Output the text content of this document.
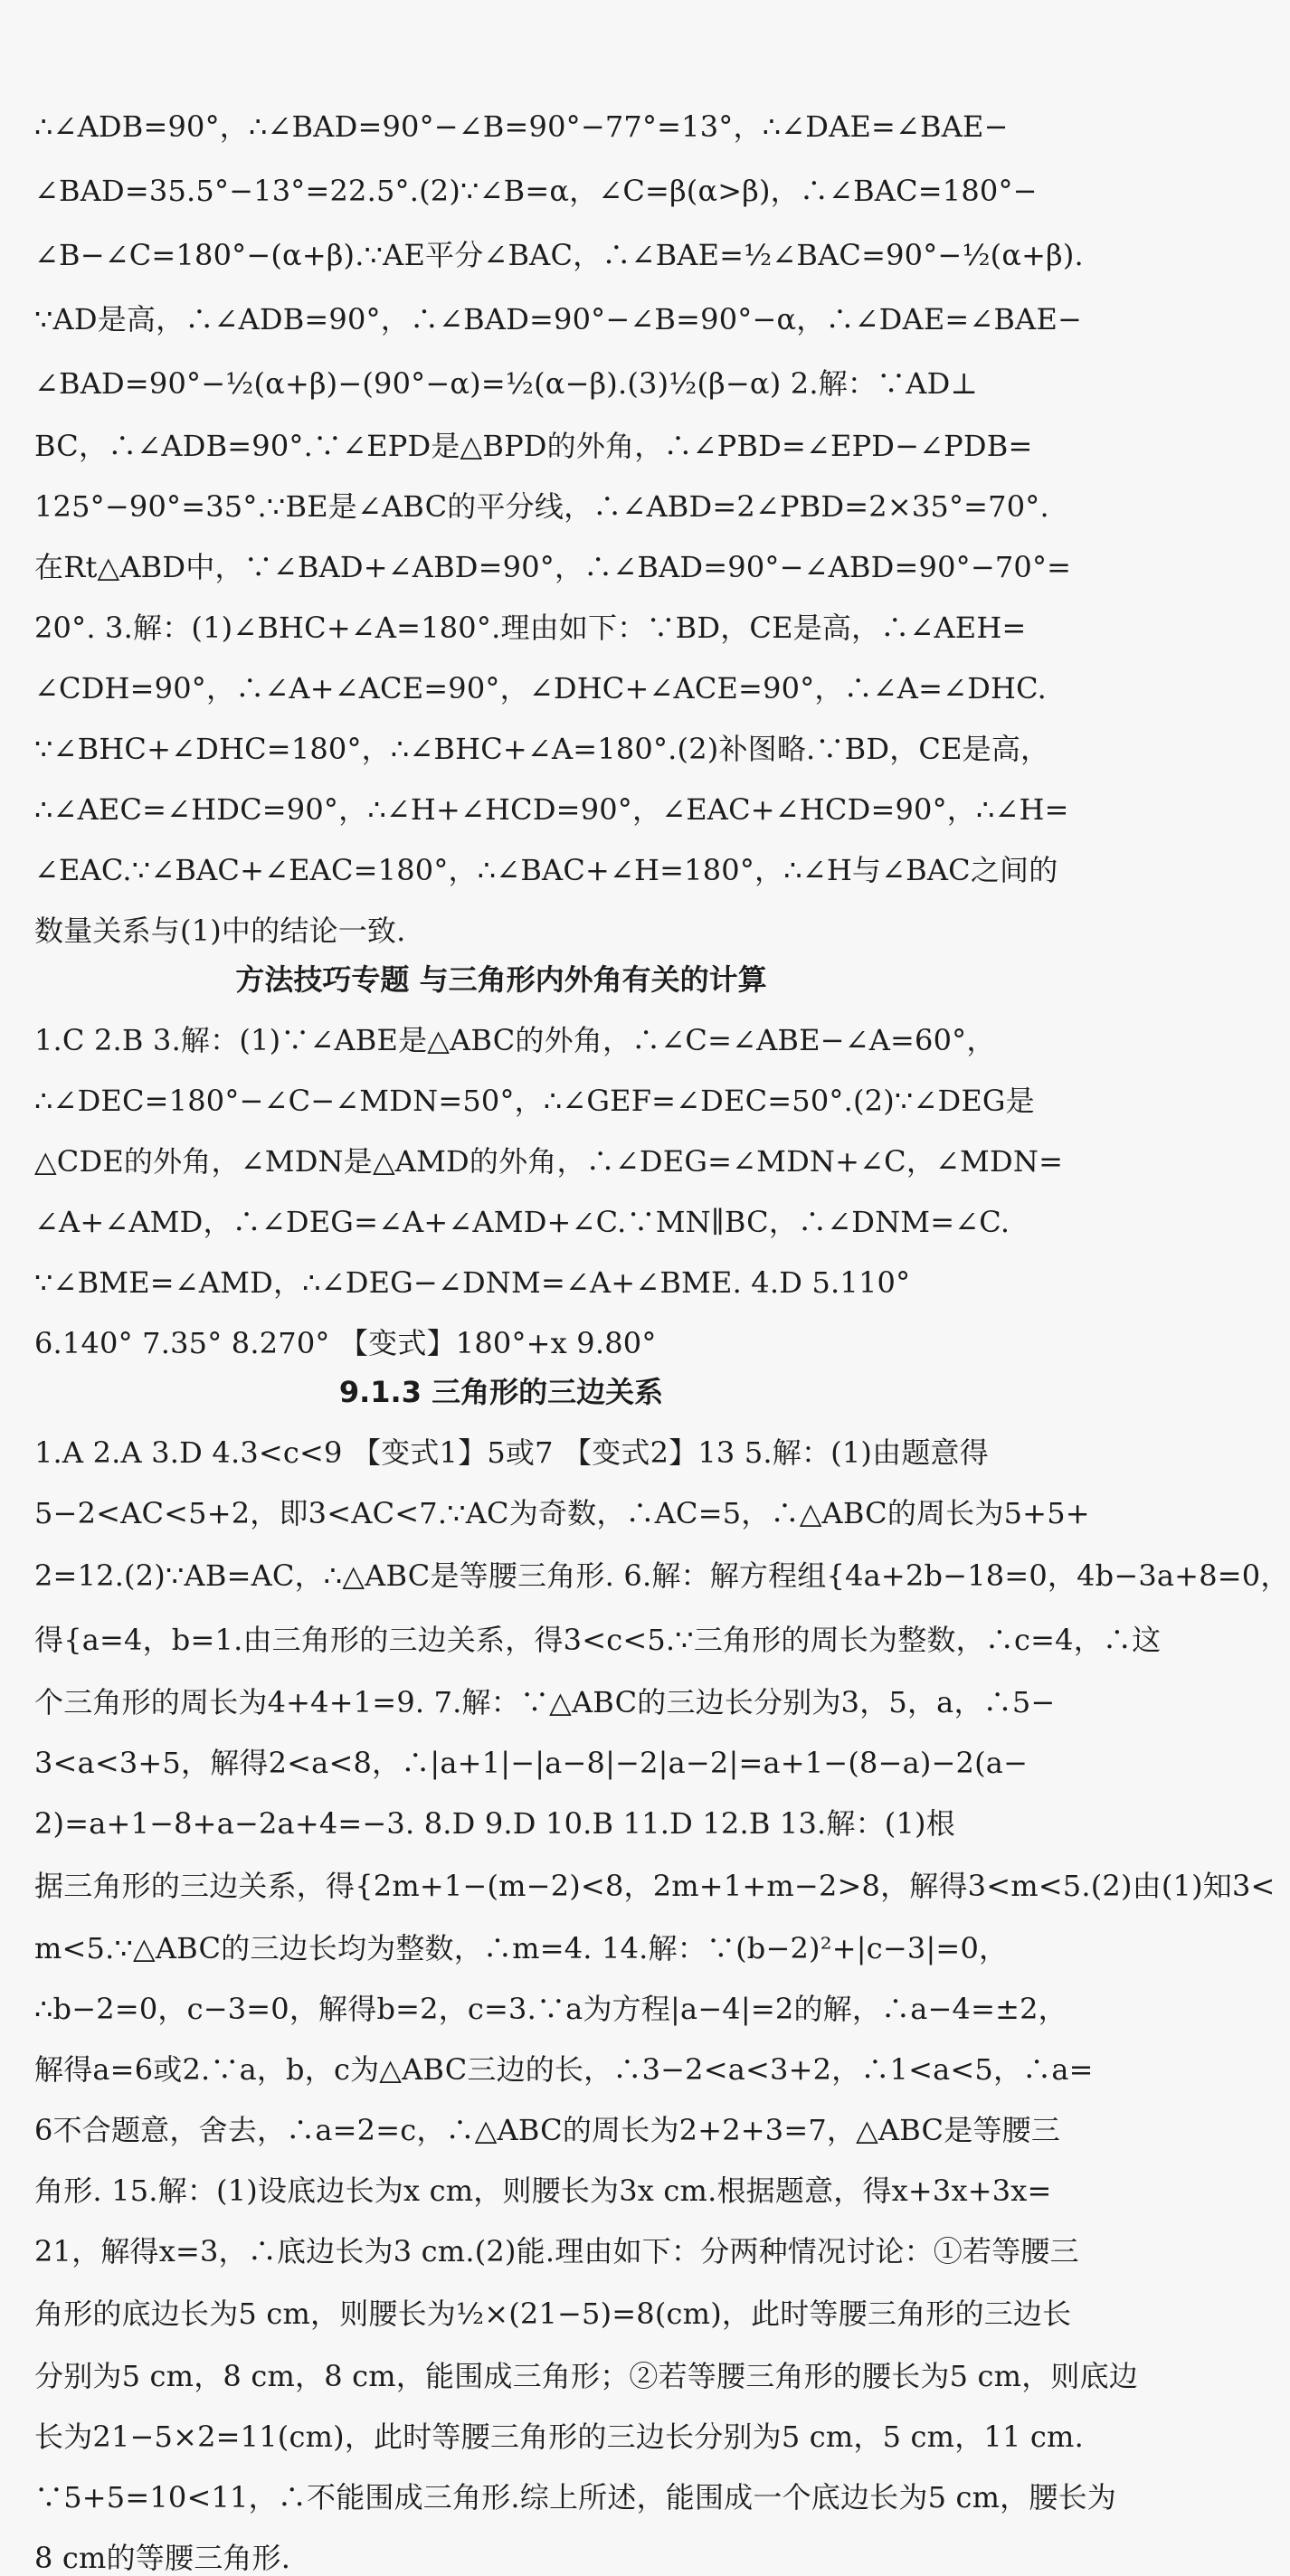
∴∠ADB=90°，∴∠BAD=90°−∠B=90°−77°=13°，∴∠DAE=∠BAE−
∠BAD=35.5°−13°=22.5°.(2)∵∠B=α，∠C=β(α>β)，∴∠BAC=180°−
∠B−∠C=180°−(α+β).∵AE平分∠BAC，∴∠BAE=½∠BAC=90°−½(α+β).
∵AD是高，∴∠ADB=90°，∴∠BAD=90°−∠B=90°−α，∴∠DAE=∠BAE−
∠BAD=90°−½(α+β)−(90°−α)=½(α−β).(3)½(β−α) 2.解：∵AD⊥
BC，∴∠ADB=90°.∵∠EPD是△BPD的外角，∴∠PBD=∠EPD−∠PDB=
125°−90°=35°.∵BE是∠ABC的平分线，∴∠ABD=2∠PBD=2×35°=70°.
在Rt△ABD中，∵∠BAD+∠ABD=90°，∴∠BAD=90°−∠ABD=90°−70°=
20°. 3.解：(1)∠BHC+∠A=180°.理由如下：∵BD，CE是高，∴∠AEH=
∠CDH=90°，∴∠A+∠ACE=90°，∠DHC+∠ACE=90°，∴∠A=∠DHC.
∵∠BHC+∠DHC=180°，∴∠BHC+∠A=180°.(2)补图略.∵BD，CE是高，
∴∠AEC=∠HDC=90°，∴∠H+∠HCD=90°，∠EAC+∠HCD=90°，∴∠H=
∠EAC.∵∠BAC+∠EAC=180°，∴∠BAC+∠H=180°，∴∠H与∠BAC之间的
数量关系与(1)中的结论一致.
方法技巧专题 与三角形内外角有关的计算
1.C 2.B 3.解：(1)∵∠ABE是△ABC的外角，∴∠C=∠ABE−∠A=60°，
∴∠DEC=180°−∠C−∠MDN=50°，∴∠GEF=∠DEC=50°.(2)∵∠DEG是
△CDE的外角，∠MDN是△AMD的外角，∴∠DEG=∠MDN+∠C，∠MDN=
∠A+∠AMD，∴∠DEG=∠A+∠AMD+∠C.∵MN∥BC，∴∠DNM=∠C.
∵∠BME=∠AMD，∴∠DEG−∠DNM=∠A+∠BME. 4.D 5.110°
6.140° 7.35° 8.270° 【变式】180°+x 9.80°
9.1.3 三角形的三边关系
1.A 2.A 3.D 4.3<c<9 【变式1】5或7 【变式2】13 5.解：(1)由题意得
5−2<AC<5+2，即3<AC<7.∵AC为奇数，∴AC=5，∴△ABC的周长为5+5+
2=12.(2)∵AB=AC，∴△ABC是等腰三角形. 6.解：解方程组{4a+2b−18=0，4b−3a+8=0，
得{a=4，b=1.由三角形的三边关系，得3<c<5.∵三角形的周长为整数，∴c=4，∴这
个三角形的周长为4+4+1=9. 7.解：∵△ABC的三边长分别为3，5，a，∴5−
3<a<3+5，解得2<a<8，∴|a+1|−|a−8|−2|a−2|=a+1−(8−a)−2(a−
2)=a+1−8+a−2a+4=−3. 8.D 9.D 10.B 11.D 12.B 13.解：(1)根
据三角形的三边关系，得{2m+1−(m−2)<8，2m+1+m−2>8，解得3<m<5.(2)由(1)知3<
m<5.∵△ABC的三边长均为整数，∴m=4. 14.解：∵(b−2)²+|c−3|=0，
∴b−2=0，c−3=0，解得b=2，c=3.∵a为方程|a−4|=2的解，∴a−4=±2，
解得a=6或2.∵a，b，c为△ABC三边的长，∴3−2<a<3+2，∴1<a<5，∴a=
6不合题意，舍去，∴a=2=c，∴△ABC的周长为2+2+3=7，△ABC是等腰三
角形. 15.解：(1)设底边长为x cm，则腰长为3x cm.根据题意，得x+3x+3x=
21，解得x=3，∴底边长为3 cm.(2)能.理由如下：分两种情况讨论：①若等腰三
角形的底边长为5 cm，则腰长为½×(21−5)=8(cm)，此时等腰三角形的三边长
分别为5 cm，8 cm，8 cm，能围成三角形；②若等腰三角形的腰长为5 cm，则底边
长为21−5×2=11(cm)，此时等腰三角形的三边长分别为5 cm，5 cm，11 cm.
∵5+5=10<11，∴不能围成三角形.综上所述，能围成一个底边长为5 cm，腰长为
8 cm的等腰三角形.
